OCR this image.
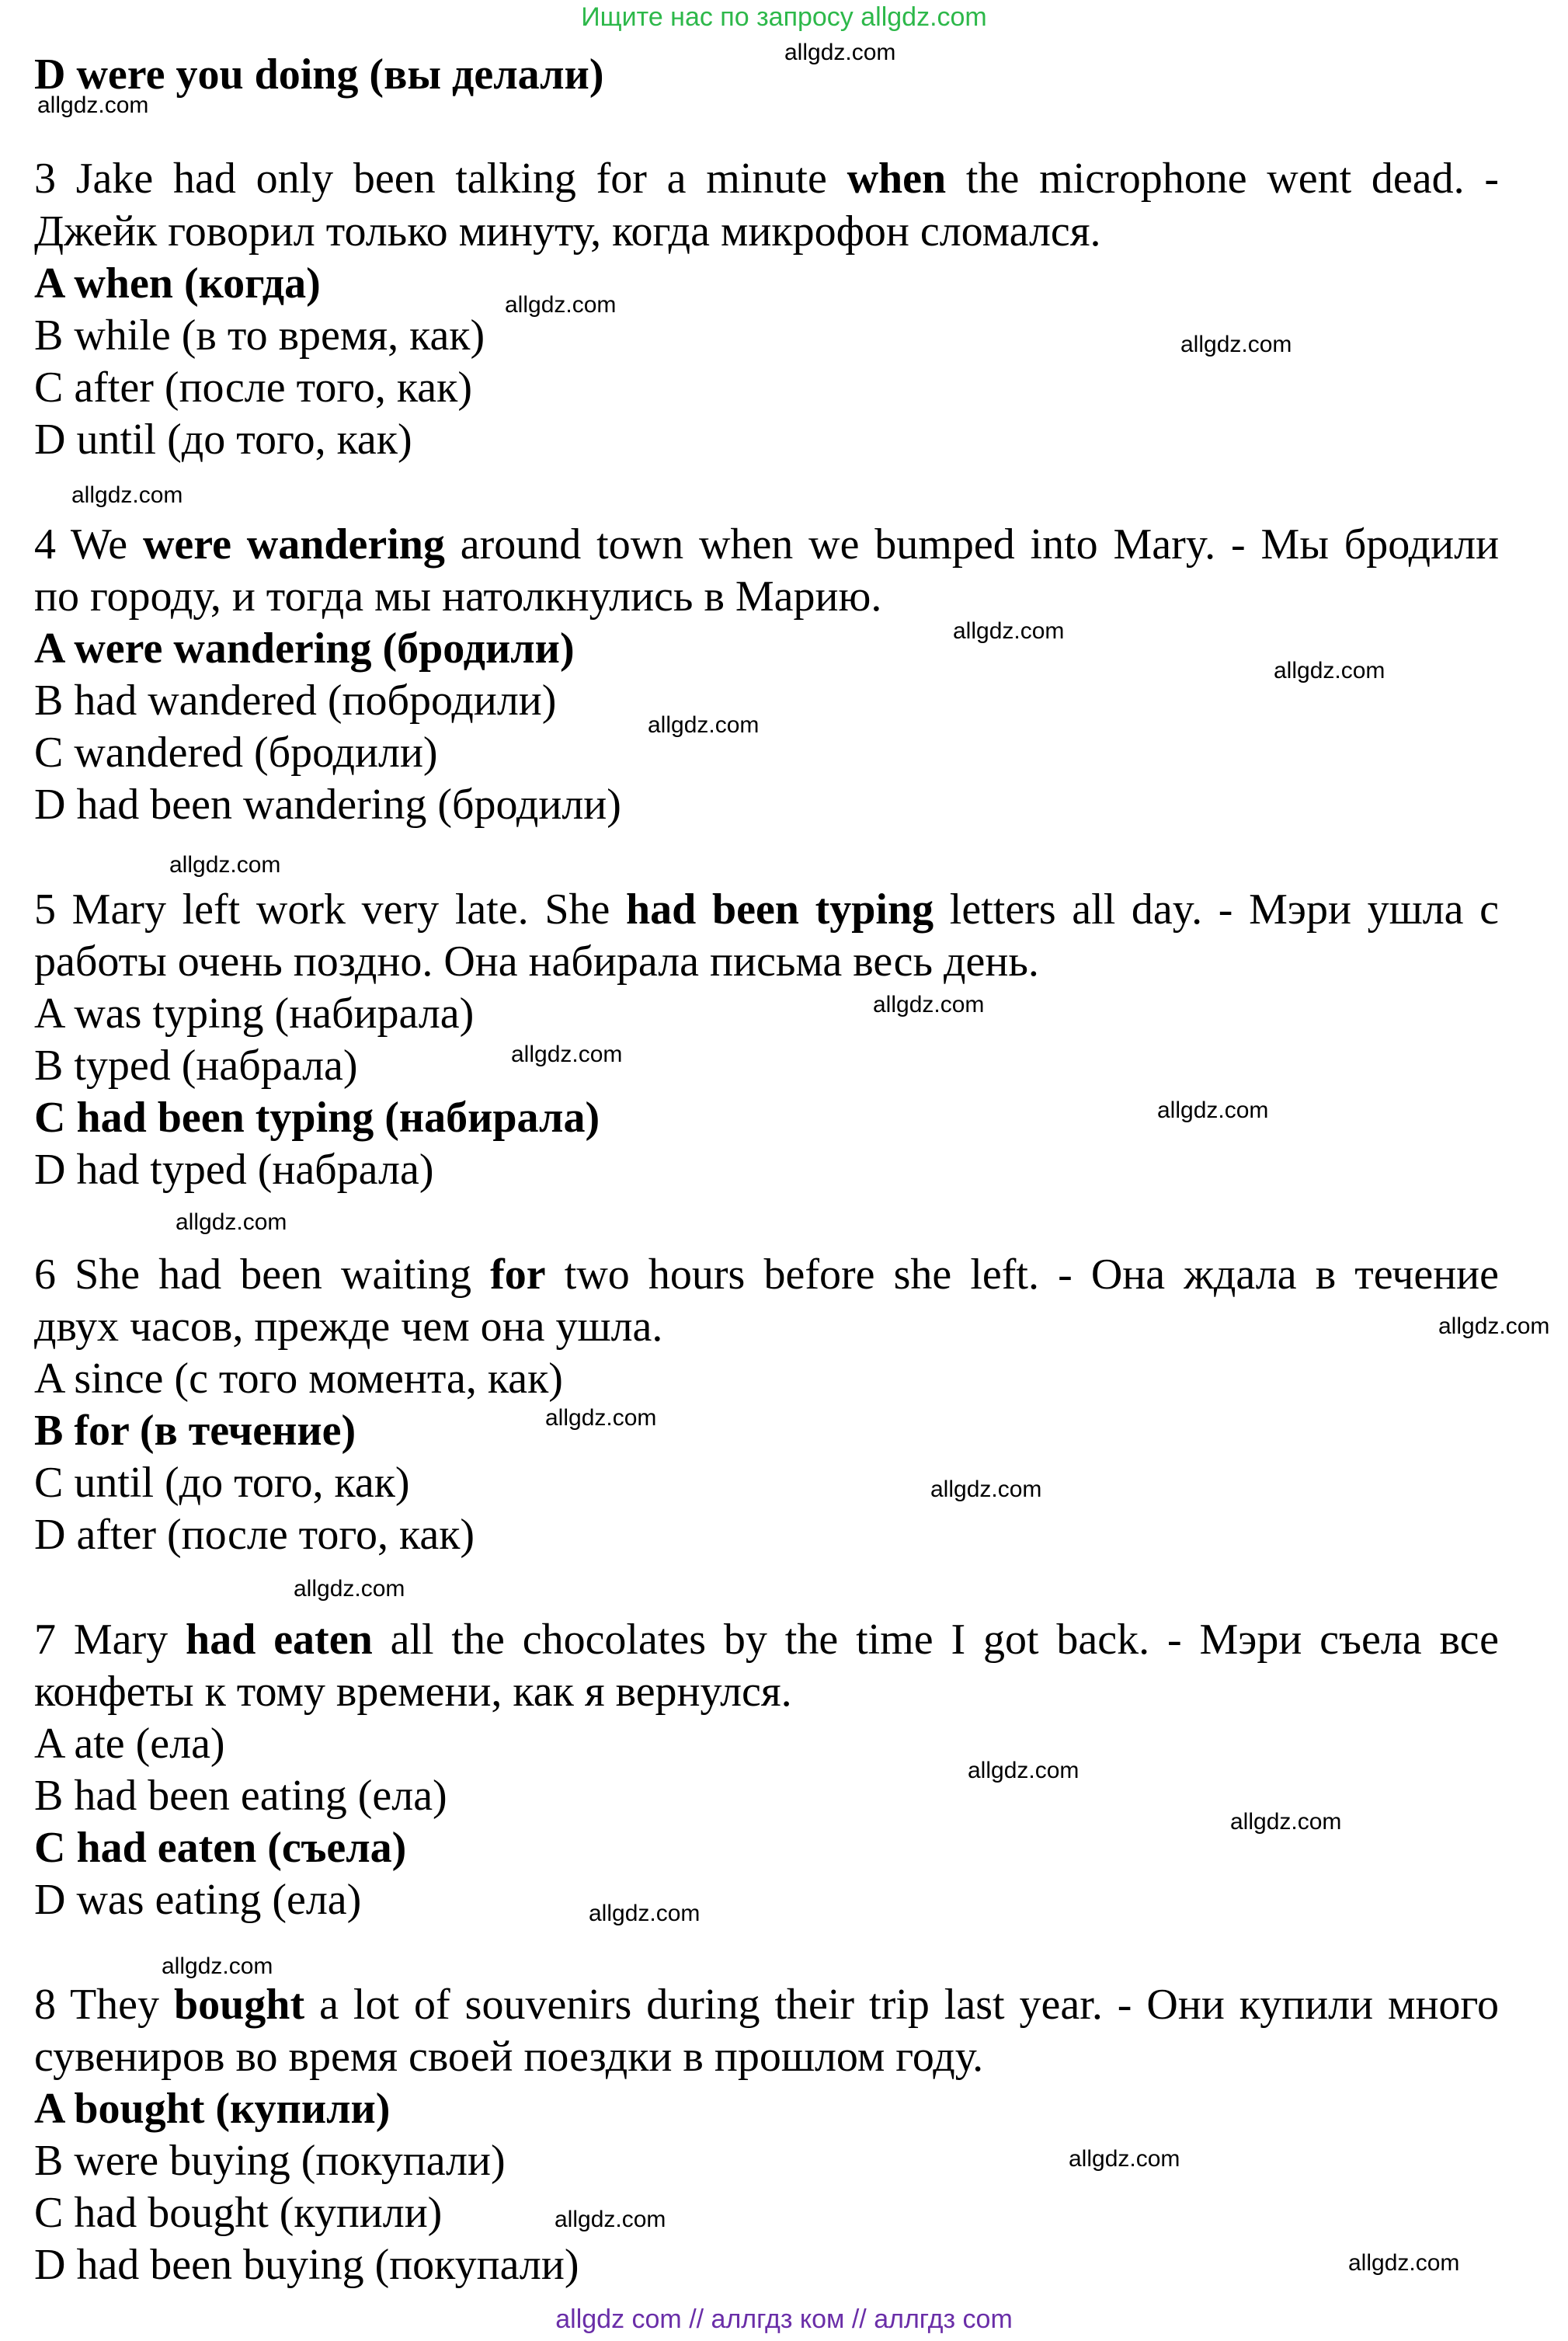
Ищите нас по запросу allgdz.com
D were you doing (вы делали)
3 Jake had only been talking for a minute when the microphone went dead. -
Джейк говорил только минуту, когда микрофон сломался.
A when (когда)
B while (в то время, как)
C after (после того, как)
D until (до того, как)
4 We were wandering around town when we bumped into Mary. - Мы бродили
по городу, и тогда мы натолкнулись в Марию.
A were wandering (бродили)
B had wandered (побродили)
C wandered (бродили)
D had been wandering (бродили)
5 Mary left work very late. She had been typing letters all day. - Мэри ушла с
работы очень поздно. Она набирала письма весь день.
A was typing (набирала)
B typed (набрала)
C had been typing (набирала)
D had typed (набрала)
6 She had been waiting for two hours before she left. - Она ждала в течение
двух часов, прежде чем она ушла.
A since (с того момента, как)
B for (в течение)
C until (до того, как)
D after (после того, как)
7 Mary had eaten all the chocolates by the time I got back. - Мэри съела все
конфеты к тому времени, как я вернулся.
A ate (ела)
B had been eating (ела)
C had eaten (съела)
D was eating (ела)
8 They bought a lot of souvenirs during their trip last year. - Они купили много
сувениров во время своей поездки в прошлом году.
A bought (купили)
B were buying (покупали)
C had bought (купили)
D had been buying (покупали)
allgdz.com
allgdz.com
allgdz.com
allgdz.com
allgdz.com
allgdz.com
allgdz.com
allgdz.com
allgdz.com
allgdz.com
allgdz.com
allgdz.com
allgdz.com
allgdz.com
allgdz.com
allgdz.com
allgdz.com
allgdz.com
allgdz.com
allgdz.com
allgdz.com
allgdz.com
allgdz.com
allgdz.com
allgdz com // аллгдз ком // аллгдз com
